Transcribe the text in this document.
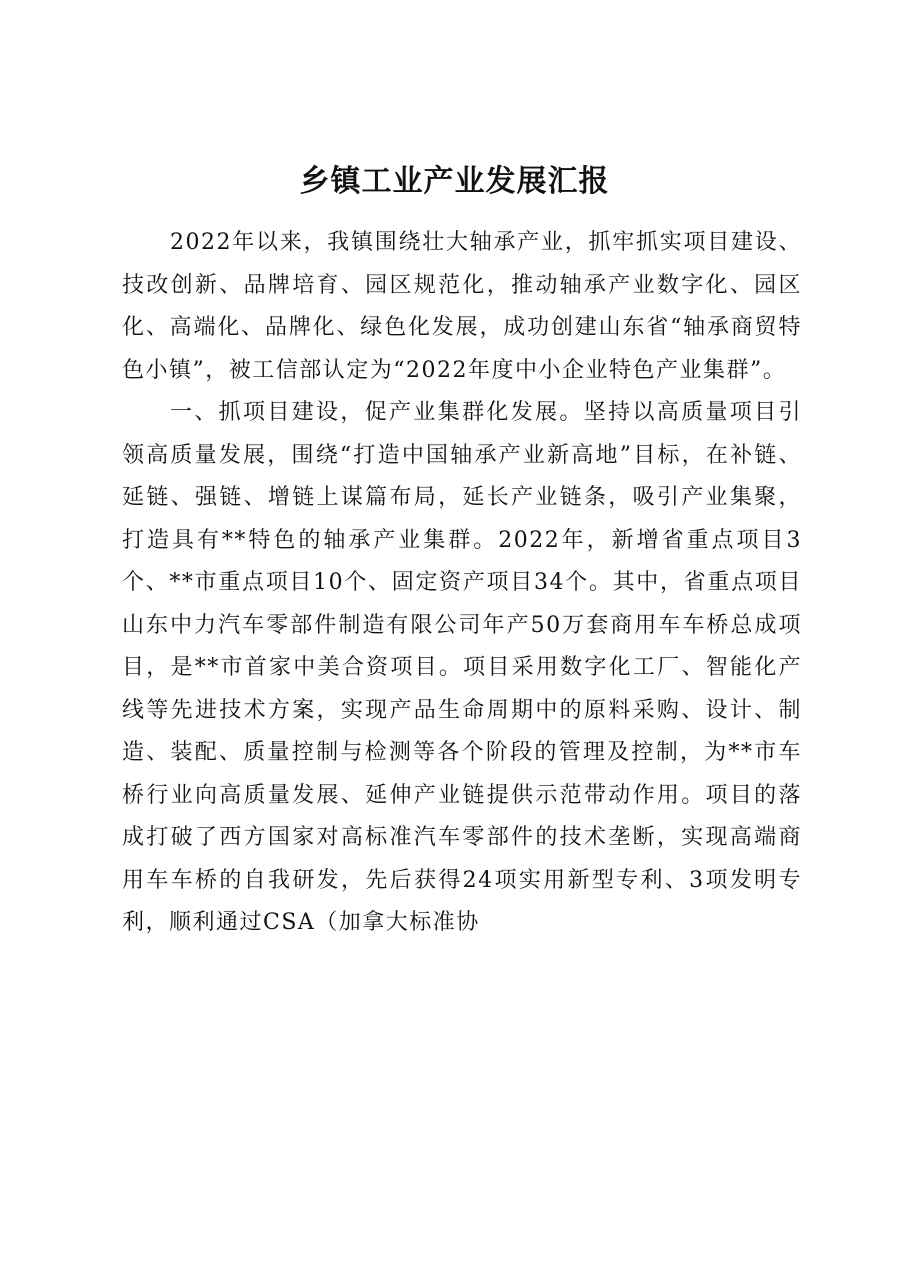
乡镇工业产业发展汇报

2022年以来，我镇围绕壮大轴承产业，抓牢抓实项目建设、技改创新、品牌培育、园区规范化，推动轴承产业数字化、园区化、高端化、品牌化、绿色化发展，成功创建山东省“轴承商贸特色小镇”，被工信部认定为“2022年度中小企业特色产业集群”。

一、抓项目建设，促产业集群化发展。坚持以高质量项目引领高质量发展，围绕“打造中国轴承产业新高地”目标，在补链、延链、强链、增链上谋篇布局，延长产业链条，吸引产业集聚，打造具有**特色的轴承产业集群。2022年，新增省重点项目3个、**市重点项目10个、固定资产项目34个。其中，省重点项目山东中力汽车零部件制造有限公司年产50万套商用车车桥总成项目，是**市首家中美合资项目。项目采用数字化工厂、智能化产线等先进技术方案，实现产品生命周期中的原料采购、设计、制造、装配、质量控制与检测等各个阶段的管理及控制，为**市车桥行业向高质量发展、延伸产业链提供示范带动作用。项目的落成打破了西方国家对高标准汽车零部件的技术垄断，实现高端商用车车桥的自我研发，先后获得24项实用新型专利、3项发明专利，顺利通过CSA（加拿大标准协
